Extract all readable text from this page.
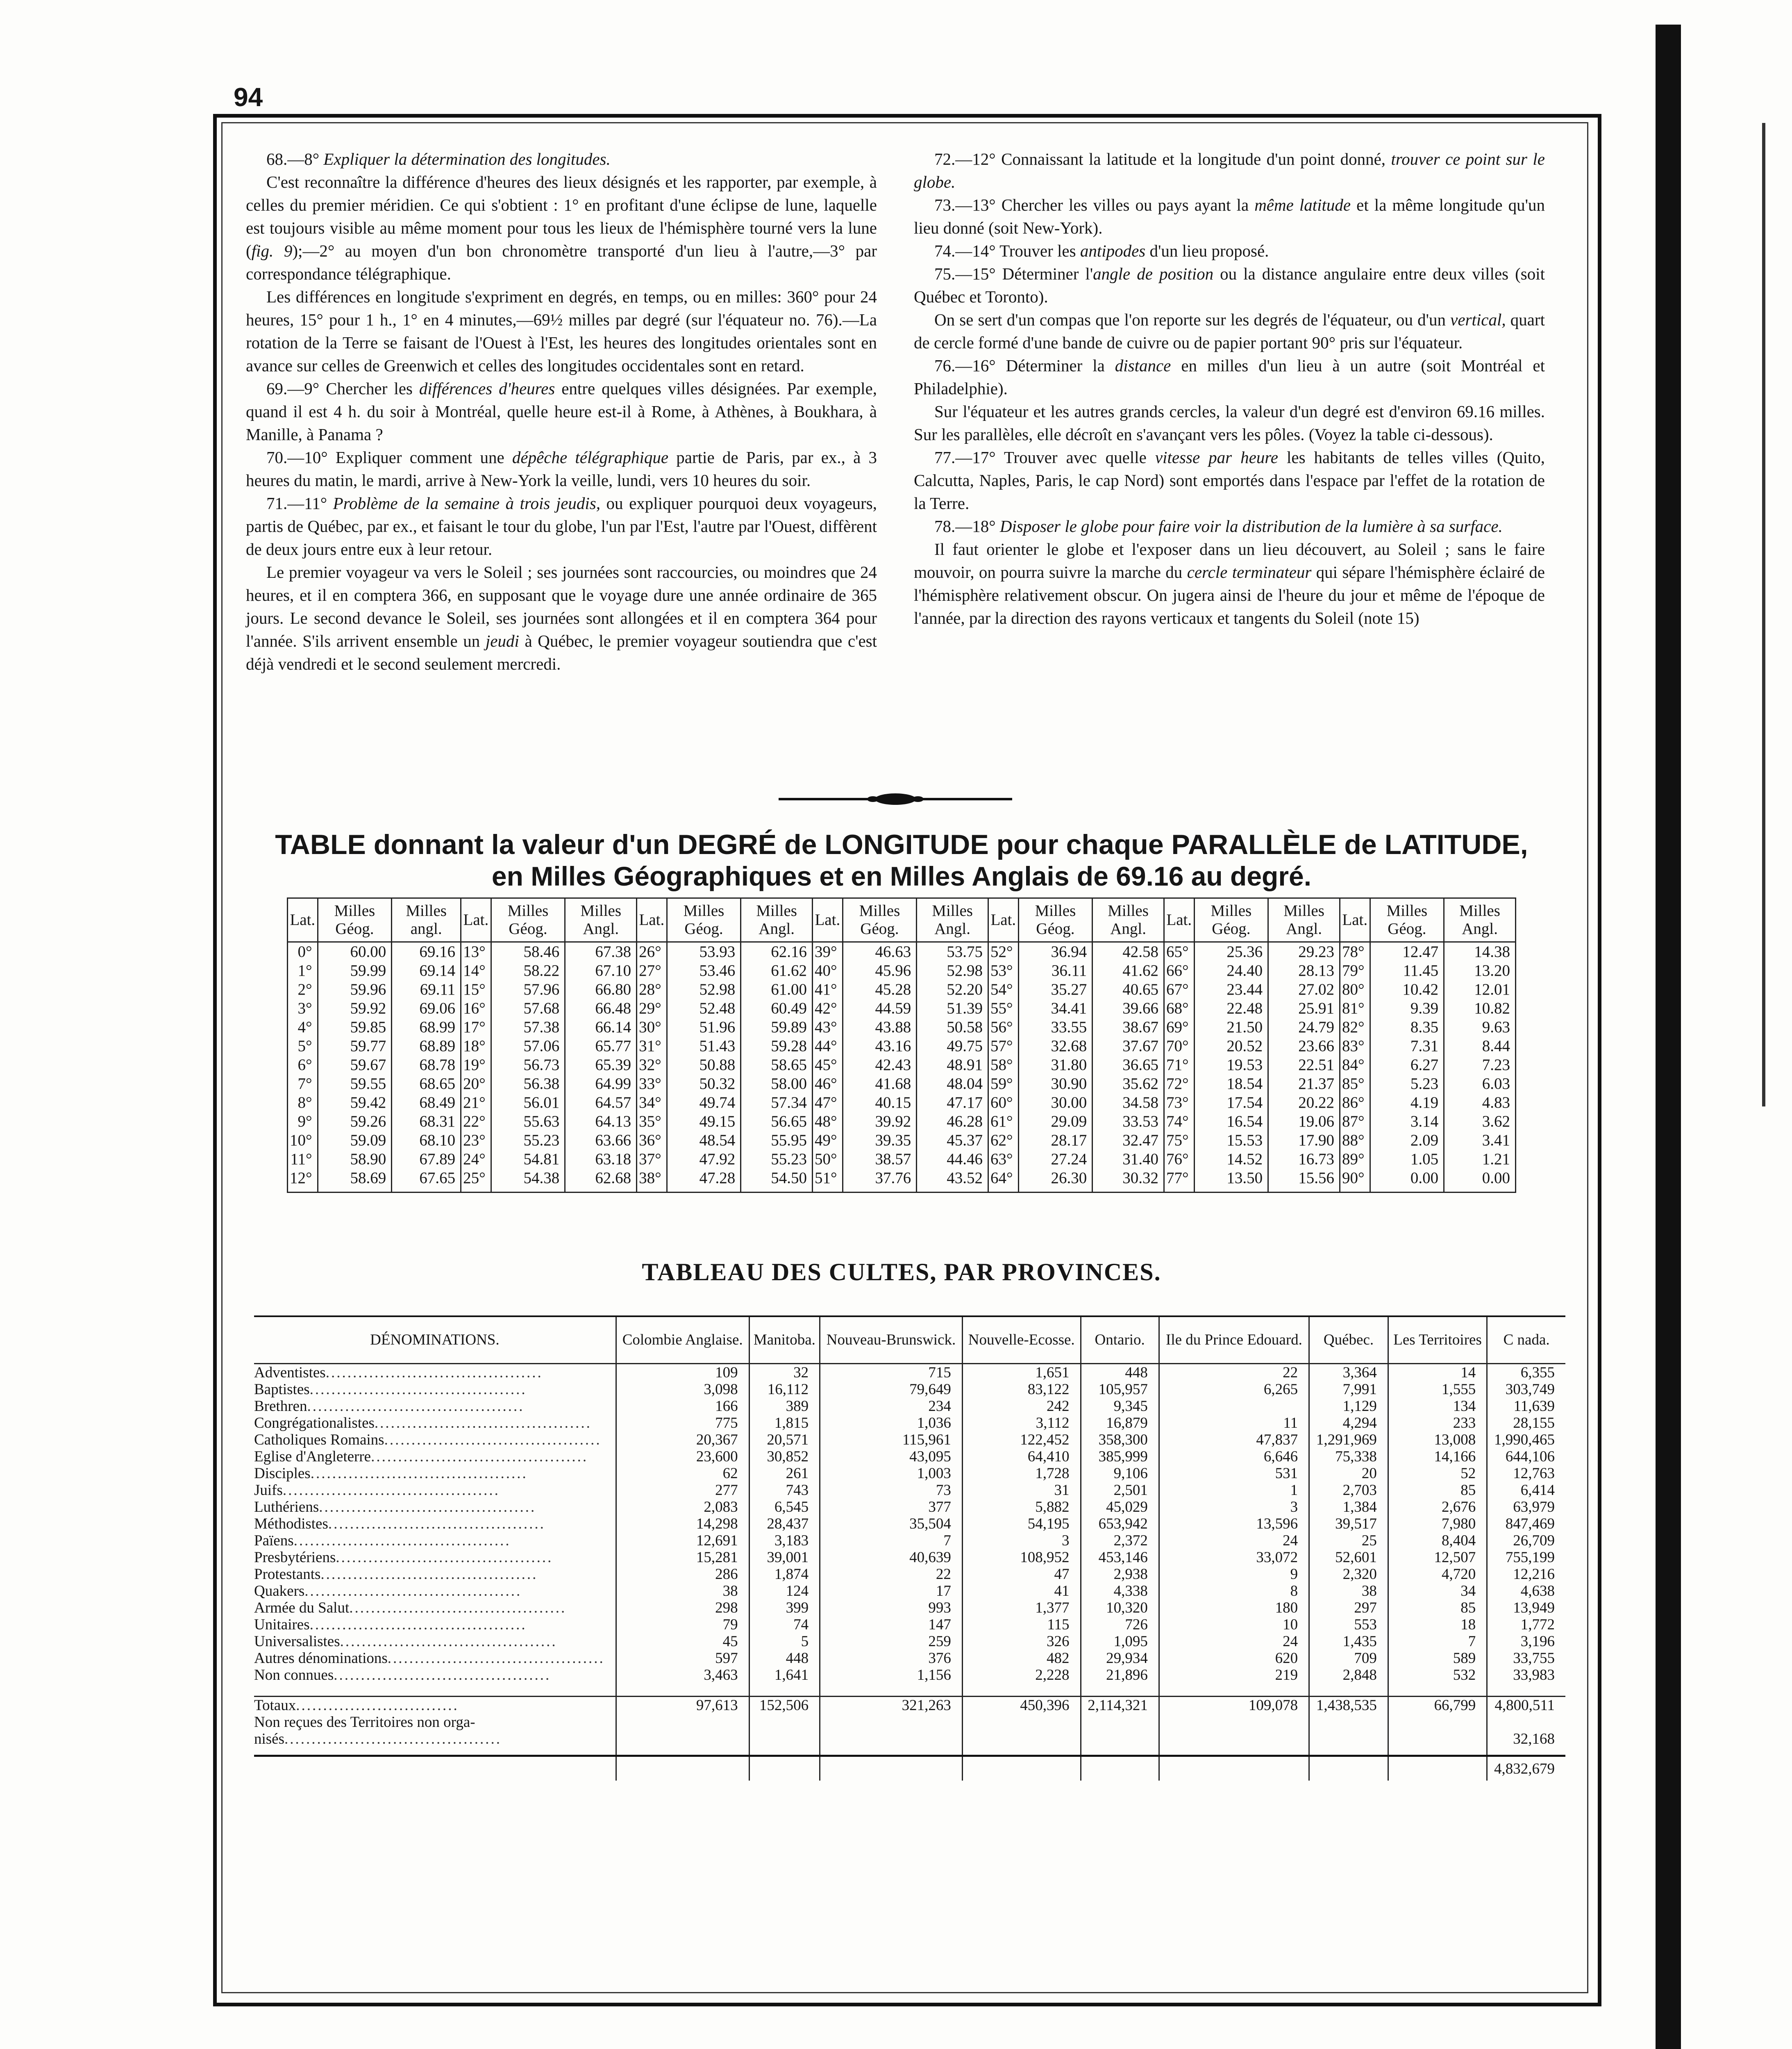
94

68.—8° Expliquer la détermination des longitudes.

C'est reconnaître la différence d'heures des lieux désignés et les rapporter, par exemple, à celles du premier méridien. Ce qui s'obtient : 1° en profitant d'une éclipse de lune, laquelle est toujours visible au même moment pour tous les lieux de l'hémisphère tourné vers la lune (fig. 9);—2° au moyen d'un bon chronomètre transporté d'un lieu à l'autre,—3° par correspondance télégraphique.

Les différences en longitude s'expriment en degrés, en temps, ou en milles: 360° pour 24 heures, 15° pour 1 h., 1° en 4 minutes,—69½ milles par degré (sur l'équateur no. 76).—La rotation de la Terre se faisant de l'Ouest à l'Est, les heures des longitudes orientales sont en avance sur celles de Greenwich et celles des longitudes occidentales sont en retard.

69.—9° Chercher les différences d'heures entre quelques villes désignées. Par exemple, quand il est 4 h. du soir à Montréal, quelle heure est-il à Rome, à Athènes, à Boukhara, à Manille, à Panama ?

70.—10° Expliquer comment une dépêche télégraphique partie de Paris, par ex., à 3 heures du matin, le mardi, arrive à New-York la veille, lundi, vers 10 heures du soir.

71.—11° Problème de la semaine à trois jeudis, ou expliquer pourquoi deux voyageurs, partis de Québec, par ex., et faisant le tour du globe, l'un par l'Est, l'autre par l'Ouest, diffèrent de deux jours entre eux à leur retour.

Le premier voyageur va vers le Soleil ; ses journées sont raccourcies, ou moindres que 24 heures, et il en comptera 366, en supposant que le voyage dure une année ordinaire de 365 jours. Le second devance le Soleil, ses journées sont allongées et il en comptera 364 pour l'année. S'ils arrivent ensemble un jeudi à Québec, le premier voyageur soutiendra que c'est déjà vendredi et le second seulement mercredi.

72.—12° Connaissant la latitude et la longitude d'un point donné, trouver ce point sur le globe.

73.—13° Chercher les villes ou pays ayant la même latitude et la même longitude qu'un lieu donné (soit New-York).

74.—14° Trouver les antipodes d'un lieu proposé.

75.—15° Déterminer l'angle de position ou la distance angulaire entre deux villes (soit Québec et Toronto).

On se sert d'un compas que l'on reporte sur les degrés de l'équateur, ou d'un vertical, quart de cercle formé d'une bande de cuivre ou de papier portant 90° pris sur l'équateur.

76.—16° Déterminer la distance en milles d'un lieu à un autre (soit Montréal et Philadelphie).

Sur l'équateur et les autres grands cercles, la valeur d'un degré est d'environ 69.16 milles. Sur les parallèles, elle décroît en s'avançant vers les pôles. (Voyez la table ci-dessous).

77.—17° Trouver avec quelle vitesse par heure les habitants de telles villes (Quito, Calcutta, Naples, Paris, le cap Nord) sont emportés dans l'espace par l'effet de la rotation de la Terre.

78.—18° Disposer le globe pour faire voir la distribution de la lumière à sa surface.

Il faut orienter le globe et l'exposer dans un lieu découvert, au Soleil ; sans le faire mouvoir, on pourra suivre la marche du cercle terminateur qui sépare l'hémisphère éclairé de l'hémisphère relativement obscur. On jugera ainsi de l'heure du jour et même de l'époque de l'année, par la direction des rayons verticaux et tangents du Soleil (note 15)

TABLE donnant la valeur d'un DEGRÉ de LONGITUDE pour chaque PARALLÈLE de LATITUDE,
en Milles Géographiques et en Milles Anglais de 69.16 au degré.
Lat.	Milles Géog.	Milles angl.	Lat.	Milles Géog.	Milles Angl.	Lat.	Milles Géog.	Milles Angl.	Lat.	Milles Géog.	Milles Angl.	Lat.	Milles Géog.	Milles Angl.	Lat.	Milles Géog.	Milles Angl.	Lat.	Milles Géog.	Milles Angl.
0°	60.00	69.16	13°	58.46	67.38	26°	53.93	62.16	39°	46.63	53.75	52°	36.94	42.58	65°	25.36	29.23	78°	12.47	14.38
1°	59.99	69.14	14°	58.22	67.10	27°	53.46	61.62	40°	45.96	52.98	53°	36.11	41.62	66°	24.40	28.13	79°	11.45	13.20
2°	59.96	69.11	15°	57.96	66.80	28°	52.98	61.00	41°	45.28	52.20	54°	35.27	40.65	67°	23.44	27.02	80°	10.42	12.01
3°	59.92	69.06	16°	57.68	66.48	29°	52.48	60.49	42°	44.59	51.39	55°	34.41	39.66	68°	22.48	25.91	81°	9.39	10.82
4°	59.85	68.99	17°	57.38	66.14	30°	51.96	59.89	43°	43.88	50.58	56°	33.55	38.67	69°	21.50	24.79	82°	8.35	9.63
5°	59.77	68.89	18°	57.06	65.77	31°	51.43	59.28	44°	43.16	49.75	57°	32.68	37.67	70°	20.52	23.66	83°	7.31	8.44
6°	59.67	68.78	19°	56.73	65.39	32°	50.88	58.65	45°	42.43	48.91	58°	31.80	36.65	71°	19.53	22.51	84°	6.27	7.23
7°	59.55	68.65	20°	56.38	64.99	33°	50.32	58.00	46°	41.68	48.04	59°	30.90	35.62	72°	18.54	21.37	85°	5.23	6.03
8°	59.42	68.49	21°	56.01	64.57	34°	49.74	57.34	47°	40.15	47.17	60°	30.00	34.58	73°	17.54	20.22	86°	4.19	4.83
9°	59.26	68.31	22°	55.63	64.13	35°	49.15	56.65	48°	39.92	46.28	61°	29.09	33.53	74°	16.54	19.06	87°	3.14	3.62
10°	59.09	68.10	23°	55.23	63.66	36°	48.54	55.95	49°	39.35	45.37	62°	28.17	32.47	75°	15.53	17.90	88°	2.09	3.41
11°	58.90	67.89	24°	54.81	63.18	37°	47.92	55.23	50°	38.57	44.46	63°	27.24	31.40	76°	14.52	16.73	89°	1.05	1.21
12°	58.69	67.65	25°	54.38	62.68	38°	47.28	54.50	51°	37.76	43.52	64°	26.30	30.32	77°	13.50	15.56	90°	0.00	0.00
TABLEAU DES CULTES, PAR PROVINCES.
DÉNOMINATIONS.	Colombie Anglaise.	Manitoba.	Nouveau-Brunswick.	Nouvelle-Ecosse.	Ontario.	Ile du Prince Edouard.	Québec.	Les Territoires	C nada.
Adventistes........................................	109	32	715	1,651	448	22	3,364	14	6,355
Baptistes........................................	3,098	16,112	79,649	83,122	105,957	6,265	7,991	1,555	303,749
Brethren........................................	166	389	234	242	9,345		1,129	134	11,639
Congrégationalistes........................................	775	1,815	1,036	3,112	16,879	11	4,294	233	28,155
Catholiques Romains........................................	20,367	20,571	115,961	122,452	358,300	47,837	1,291,969	13,008	1,990,465
Eglise d'Angleterre........................................	23,600	30,852	43,095	64,410	385,999	6,646	75,338	14,166	644,106
Disciples........................................	62	261	1,003	1,728	9,106	531	20	52	12,763
Juifs........................................	277	743	73	31	2,501	1	2,703	85	6,414
Luthériens........................................	2,083	6,545	377	5,882	45,029	3	1,384	2,676	63,979
Méthodistes........................................	14,298	28,437	35,504	54,195	653,942	13,596	39,517	7,980	847,469
Païens........................................	12,691	3,183	7	3	2,372	24	25	8,404	26,709
Presbytériens........................................	15,281	39,001	40,639	108,952	453,146	33,072	52,601	12,507	755,199
Protestants........................................	286	1,874	22	47	2,938	9	2,320	4,720	12,216
Quakers........................................	38	124	17	41	4,338	8	38	34	4,638
Armée du Salut........................................	298	399	993	1,377	10,320	180	297	85	13,949
Unitaires........................................	79	74	147	115	726	10	553	18	1,772
Universalistes........................................	45	5	259	326	1,095	24	1,435	7	3,196
Autres dénominations........................................	597	448	376	482	29,934	620	709	589	33,755
Non connues........................................	3,463	1,641	1,156	2,228	21,896	219	2,848	532	33,983

Totaux..............................	97,613	152,506	321,263	450,396	2,114,321	109,078	1,438,535	66,799	4,800,511
Non reçues des Territoires non orga-									
nisés........................................									32,168

									4,832,679
